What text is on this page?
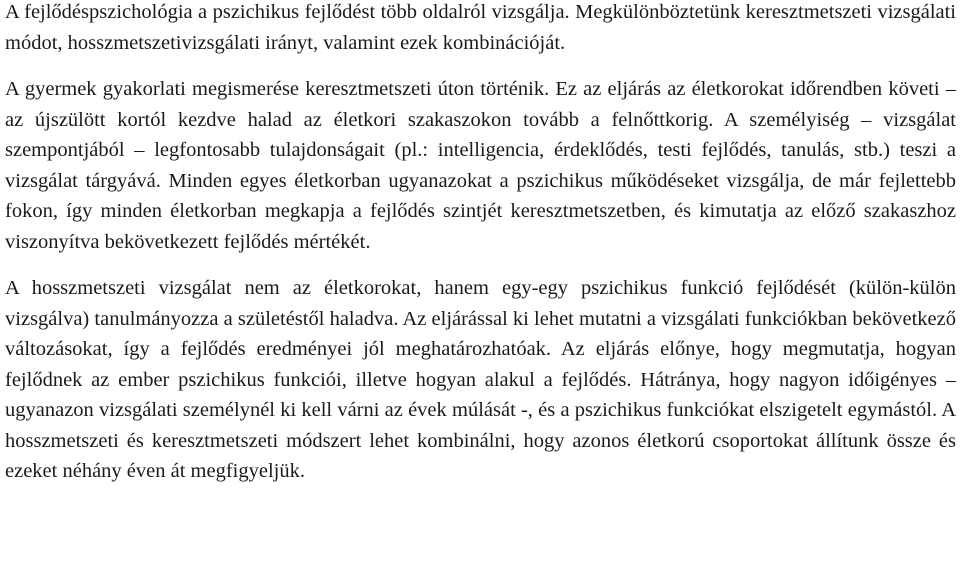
A fejlődéspszichológia a pszichikus fejlődést több oldalról vizsgálja. Megkülönböztetünk keresztmetszeti vizsgálati módot, hosszmetszetivizsgálati irányt, valamint ezek kombinációját.

A gyermek gyakorlati megismerése keresztmetszeti úton történik. Ez az eljárás az életkorokat időrendben követi – az újszülött kortól kezdve halad az életkori szakaszokon tovább a felnőttkorig. A személyiség – vizsgálat szempontjából – legfontosabb tulajdonságait (pl.: intelligencia, érdeklődés, testi fejlődés, tanulás, stb.) teszi a vizsgálat tárgyává. Minden egyes életkorban ugyanazokat a pszichikus működéseket vizsgálja, de már fejlettebb fokon, így minden életkorban megkapja a fejlődés szintjét keresztmetszetben, és kimutatja az előző szakaszhoz viszonyítva bekövetkezett fejlődés mértékét.

A hosszmetszeti vizsgálat nem az életkorokat, hanem egy-egy pszichikus funkció fejlődését (külön-külön vizsgálva) tanulmányozza a születéstől haladva. Az eljárással ki lehet mutatni a vizsgálati funkciókban bekövetkező változásokat, így a fejlődés eredményei jól meghatározhatóak. Az eljárás előnye, hogy megmutatja, hogyan fejlődnek az ember pszichikus funkciói, illetve hogyan alakul a fejlődés. Hátránya, hogy nagyon időigényes – ugyanazon vizsgálati személynél ki kell várni az évek múlását -, és a pszichikus funkciókat elszigetelt egymástól. A hosszmetszeti és keresztmetszeti módszert lehet kombinálni, hogy azonos életkorú csoportokat állítunk össze és ezeket néhány éven át megfigyeljük.
